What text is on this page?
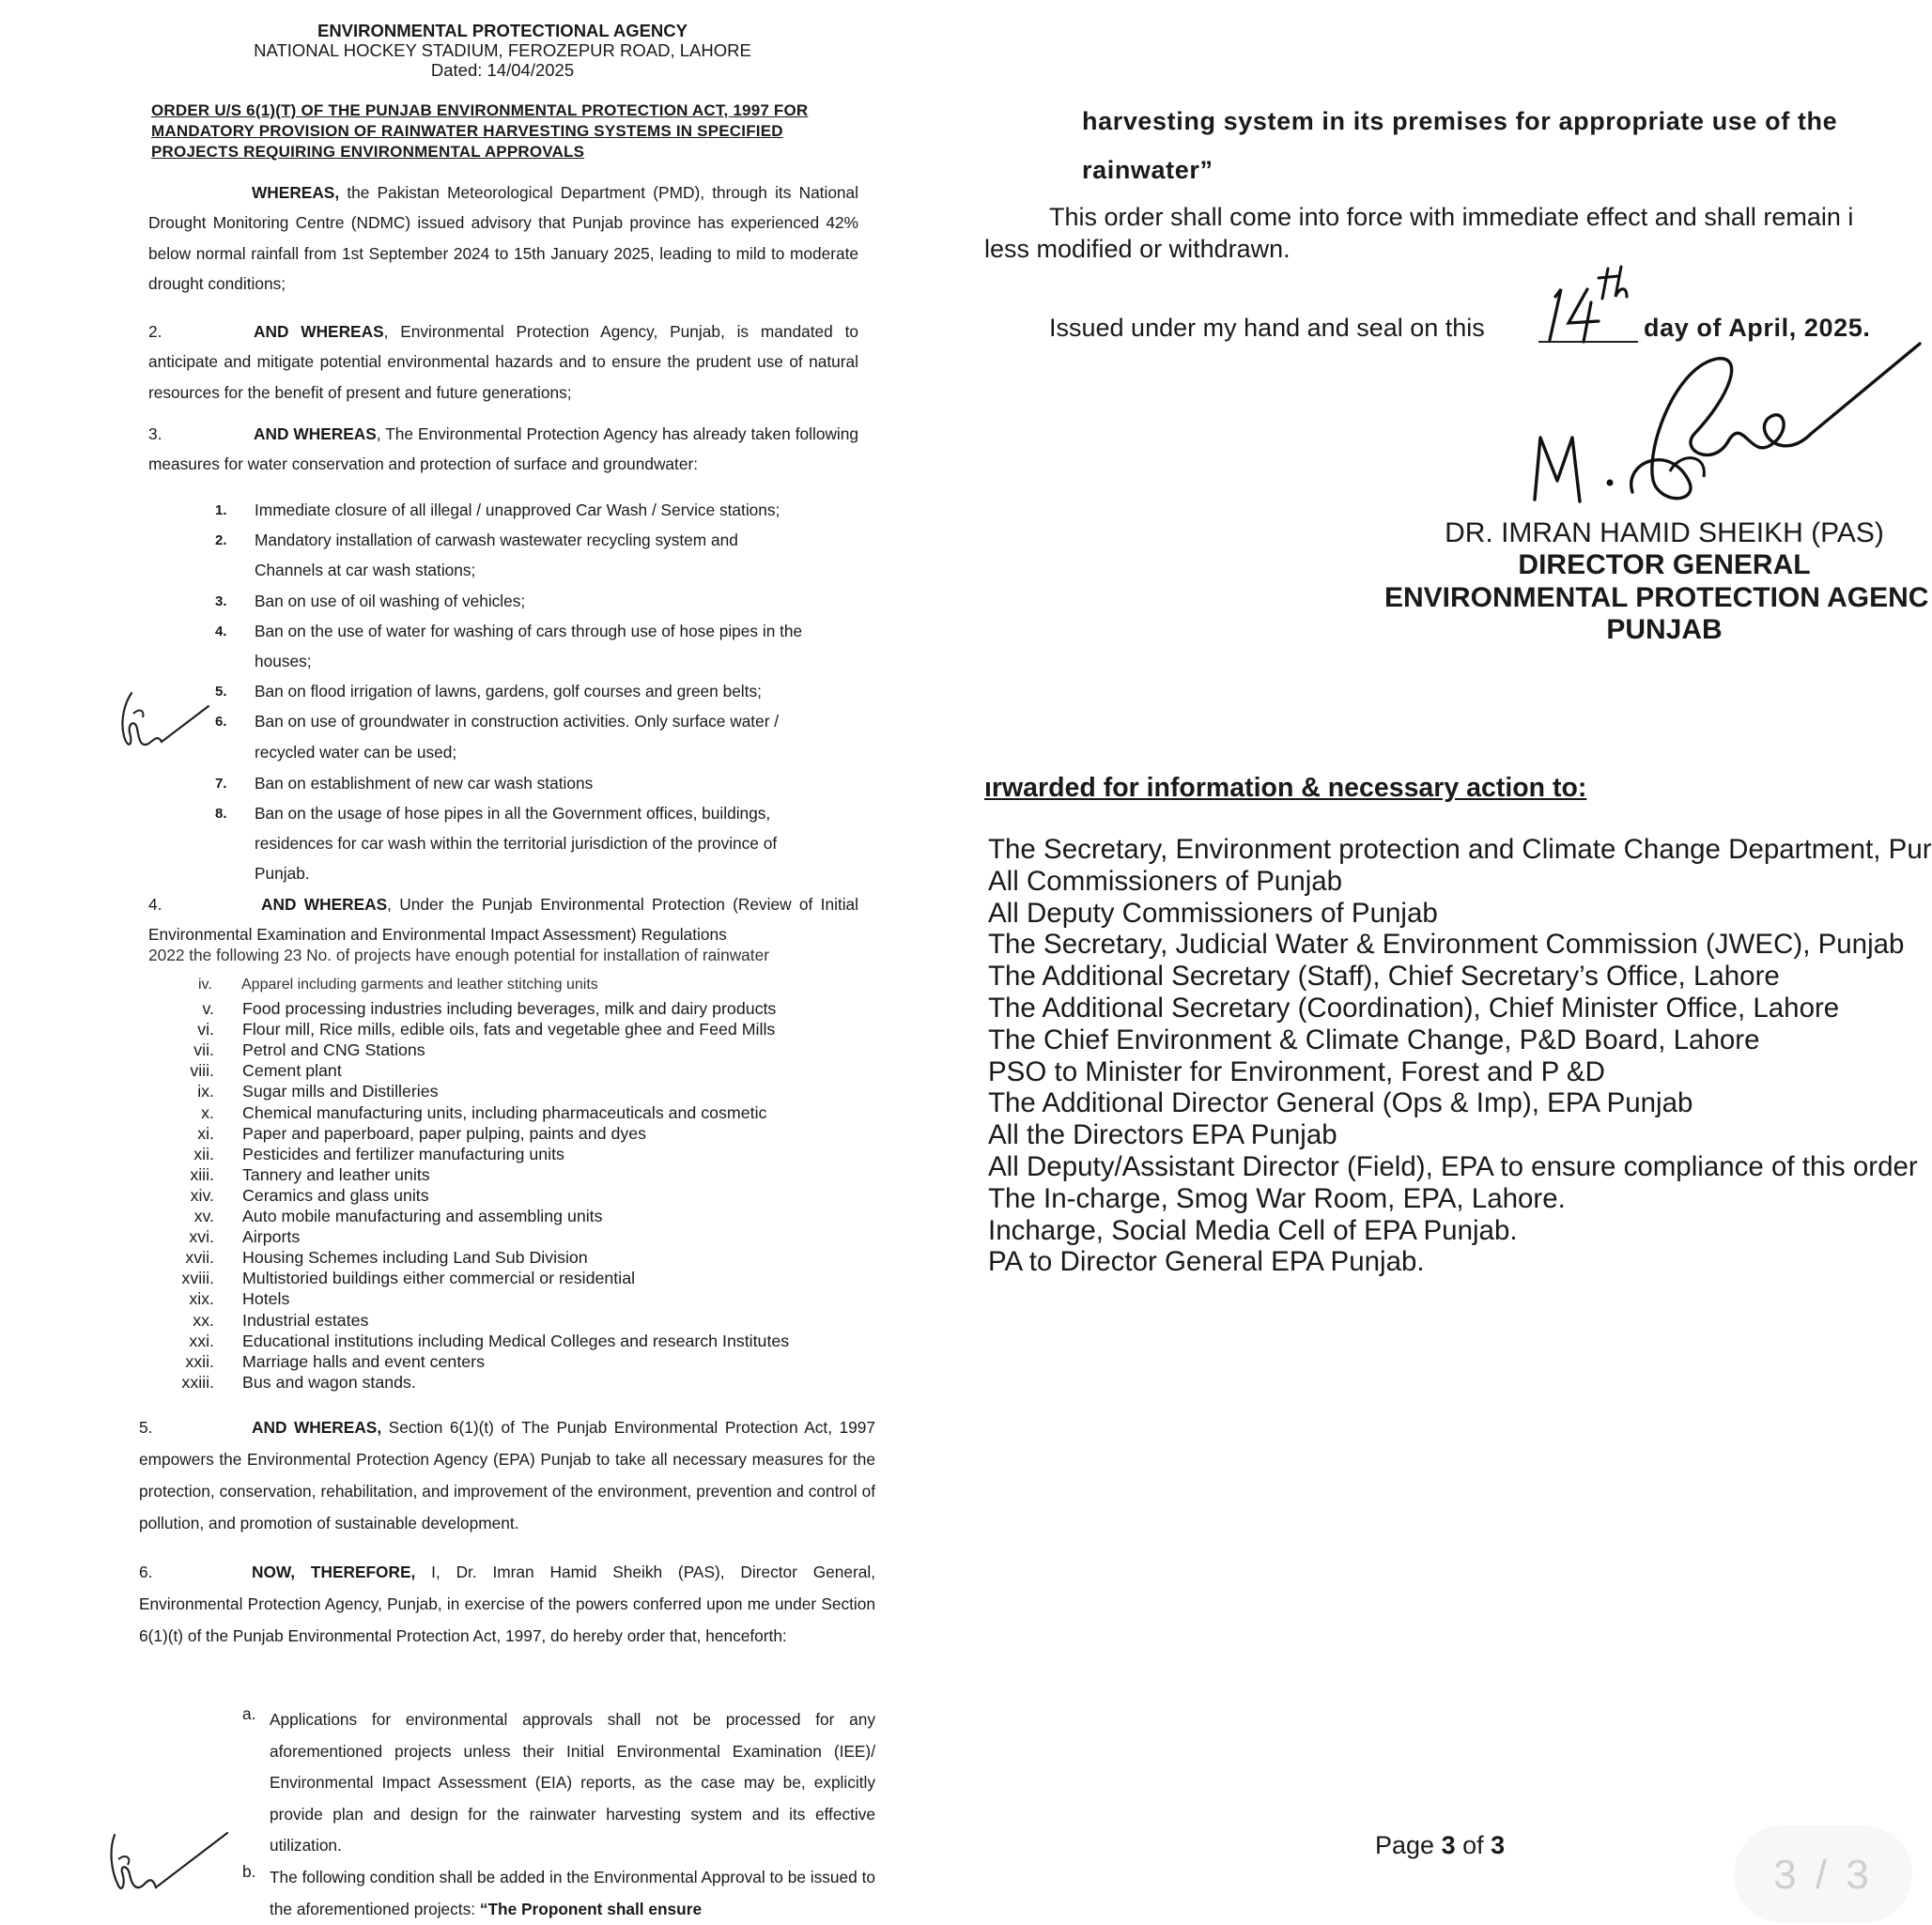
ENVIRONMENTAL PROTECTIONAL AGENCY
NATIONAL HOCKEY STADIUM, FEROZEPUR ROAD, LAHORE
Dated: 14/04/2025
ORDER U/S 6(1)(T) OF THE PUNJAB ENVIRONMENTAL PROTECTION ACT, 1997 FOR
MANDATORY PROVISION OF RAINWATER HARVESTING SYSTEMS IN SPECIFIED
PROJECTS REQUIRING ENVIRONMENTAL APPROVALS
WHEREAS, the Pakistan Meteorological Department (PMD), through its National Drought Monitoring Centre (NDMC) issued advisory that Punjab province has experienced 42% below normal rainfall from 1st September 2024 to 15th January 2025, leading to mild to moderate drought conditions;
2.	AND WHEREAS, Environmental Protection Agency, Punjab, is mandated to anticipate and mitigate potential environmental hazards and to ensure the prudent use of natural resources for the benefit of present and future generations;
3.	AND WHEREAS, The Environmental Protection Agency has already taken following measures for water conservation and protection of surface and groundwater:
1. Immediate closure of all illegal / unapproved Car Wash / Service stations;
2. Mandatory installation of carwash wastewater recycling system and
Channels at car wash stations;
3. Ban on use of oil washing of vehicles;
4. Ban on the use of water for washing of cars through use of hose pipes in the
houses;
5. Ban on flood irrigation of lawns, gardens, golf courses and green belts;
6. Ban on use of groundwater in construction activities. Only surface water /
recycled water can be used;
7. Ban on establishment of new car wash stations
8. Ban on the usage of hose pipes in all the Government offices, buildings,
residences for car wash within the territorial jurisdiction of the province of
Punjab.
4.	AND WHEREAS, Under the Punjab Environmental Protection (Review of Initial Environmental Examination and Environmental Impact Assessment) Regulations
2022 the following 23 No. of projects have enough potential for installation of rainwater
iv. Apparel including garments and leather stitching units
v. Food processing industries including beverages, milk and dairy products
vi. Flour mill, Rice mills, edible oils, fats and vegetable ghee and Feed Mills
vii. Petrol and CNG Stations
viii. Cement plant
ix. Sugar mills and Distilleries
x. Chemical manufacturing units, including pharmaceuticals and cosmetic
xi. Paper and paperboard, paper pulping, paints and dyes
xii. Pesticides and fertilizer manufacturing units
xiii. Tannery and leather units
xiv. Ceramics and glass units
xv. Auto mobile manufacturing and assembling units
xvi. Airports
xvii. Housing Schemes including Land Sub Division
xviii. Multistoried buildings either commercial or residential
xix. Hotels
xx. Industrial estates
xxi. Educational institutions including Medical Colleges and research Institutes
xxii. Marriage halls and event centers
xxiii. Bus and wagon stands.
5.	AND WHEREAS, Section 6(1)(t) of The Punjab Environmental Protection Act, 1997 empowers the Environmental Protection Agency (EPA) Punjab to take all necessary measures for the protection, conservation, rehabilitation, and improvement of the environment, prevention and control of pollution, and promotion of sustainable development.
6.	NOW, THEREFORE, I, Dr. Imran Hamid Sheikh (PAS), Director General, Environmental Protection Agency, Punjab, in exercise of the powers conferred upon me under Section 6(1)(t) of the Punjab Environmental Protection Act, 1997, do hereby order that, henceforth:
a. Applications for environmental approvals shall not be processed for any aforementioned projects unless their Initial Environmental Examination (IEE)/ Environmental Impact Assessment (EIA) reports, as the case may be, explicitly provide plan and design for the rainwater harvesting system and its effective utilization.
b. The following condition shall be added in the Environmental Approval to be issued to the aforementioned projects: “The Proponent shall ensure
harvesting system in its premises for appropriate use of the
rainwater”
This order shall come into force with immediate effect and shall remain i
less modified or withdrawn.
Issued under my hand and seal on this	day of April, 2025.
DR. IMRAN HAMID SHEIKH (PAS)
DIRECTOR GENERAL
ENVIRONMENTAL PROTECTION AGENC
PUNJAB
ırwarded for information & necessary action to:
The Secretary, Environment protection and Climate Change Department, Pur
All Commissioners of Punjab
All Deputy Commissioners of Punjab
The Secretary, Judicial Water & Environment Commission (JWEC), Punjab
The Additional Secretary (Staff), Chief Secretary’s Office, Lahore
The Additional Secretary (Coordination), Chief Minister Office, Lahore
The Chief Environment & Climate Change, P&D Board, Lahore
PSO to Minister for Environment, Forest and P &D
The Additional Director General (Ops & Imp), EPA Punjab
All the Directors EPA Punjab
All Deputy/Assistant Director (Field), EPA to ensure compliance of this order
The In-charge, Smog War Room, EPA, Lahore.
Incharge, Social Media Cell of EPA Punjab.
PA to Director General EPA Punjab.
Page 3 of 3
3 / 3
